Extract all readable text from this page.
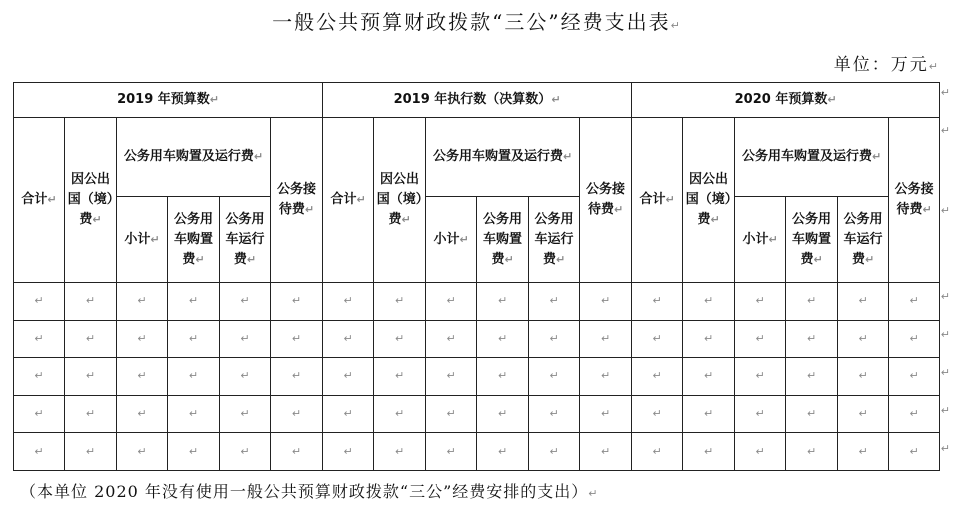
一般公共预算财政拨款“三公”经费支出表↵
单位：万元↵
2019 年预算数↵						2019 年执行数（决算数）↵						2020 年预算数↵					
合计↵	因公出国（境）费↵	公务用车购置及运行费↵			公务接待费↵	合计↵	因公出国（境）费↵	公务用车购置及运行费↵			公务接待费↵	合计↵	因公出国（境）费↵	公务用车购置及运行费↵			公务接待费↵
		小计↵	公务用车购置费↵	公务用车运行费↵				小计↵	公务用车购置费↵	公务用车运行费↵				小计↵	公务用车购置费↵	公务用车运行费↵	
↵	↵	↵	↵	↵	↵	↵	↵	↵	↵	↵	↵	↵	↵	↵	↵	↵	↵
↵	↵	↵	↵	↵	↵	↵	↵	↵	↵	↵	↵	↵	↵	↵	↵	↵	↵
↵	↵	↵	↵	↵	↵	↵	↵	↵	↵	↵	↵	↵	↵	↵	↵	↵	↵
↵	↵	↵	↵	↵	↵	↵	↵	↵	↵	↵	↵	↵	↵	↵	↵	↵	↵
↵	↵	↵	↵	↵	↵	↵	↵	↵	↵	↵	↵	↵	↵	↵	↵	↵	↵
↵
↵
↵
↵
↵
↵
↵
↵
（本单位 2020 年没有使用一般公共预算财政拨款“三公”经费安排的支出）↵
